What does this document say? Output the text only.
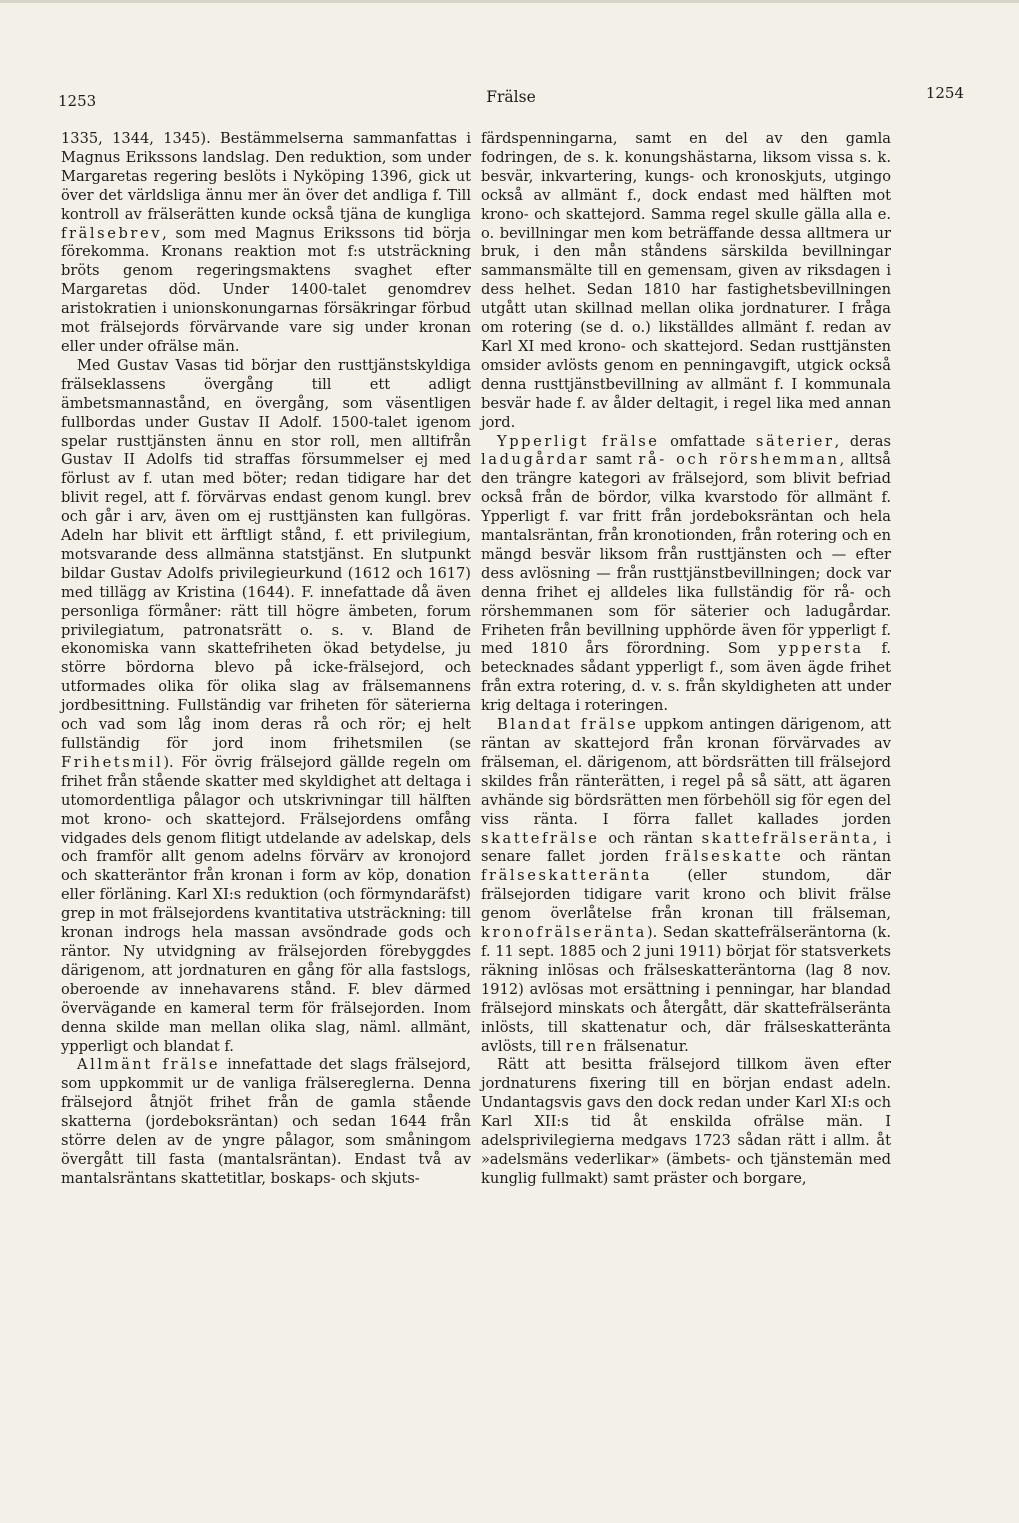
1253	Frälse	1254

1335, 1344, 1345). Bestämmelserna sammanfattas i Magnus Erikssons landslag. Den reduktion, som under Margaretas regering beslöts i Nyköping 1396, gick ut över det världsliga ännu mer än över det andliga f. Till kontroll av frälserätten kunde också tjäna de kungliga frälsebrev, som med Magnus Erikssons tid börja förekomma. Kronans reaktion mot f:s utsträckning bröts genom regeringsmaktens svaghet efter Margaretas död. Under 1400-talet genomdrev aristokratien i unionskonungarnas försäkringar förbud mot frälsejords förvärvande vare sig under kronan eller under ofrälse män.

Med Gustav Vasas tid börjar den rusttjänstskyldiga frälseklassens övergång till ett adligt ämbetsmannastånd, en övergång, som väsentligen fullbordas under Gustav II Adolf. 1500-talet igenom spelar rusttjänsten ännu en stor roll, men alltifrån Gustav II Adolfs tid straffas försummelser ej med förlust av f. utan med böter; redan tidigare har det blivit regel, att f. förvärvas endast genom kungl. brev och går i arv, även om ej rusttjänsten kan fullgöras. Adeln har blivit ett ärftligt stånd, f. ett privilegium, motsvarande dess allmänna statstjänst. En slutpunkt bildar Gustav Adolfs privilegieurkund (1612 och 1617) med tillägg av Kristina (1644). F. innefattade då även personliga förmåner: rätt till högre ämbeten, forum privilegiatum, patronatsrätt o. s. v. Bland de ekonomiska vann skattefriheten ökad betydelse, ju större bördorna blevo på icke-frälsejord, och utformades olika för olika slag av frälsemannens jordbesittning. Fullständig var friheten för säterierna och vad som låg inom deras rå och rör; ej helt fullständig för jord inom frihetsmilen (se Frihetsmil). För övrig frälsejord gällde regeln om frihet från stående skatter med skyldighet att deltaga i utomordentliga pålagor och utskrivningar till hälften mot krono- och skattejord. Frälsejordens omfång vidgades dels genom flitigt utdelande av adelskap, dels och framför allt genom adelns förvärv av kronojord och skatteräntor från kronan i form av köp, donation eller förläning. Karl XI:s reduktion (och förmyndaräfst) grep in mot frälsejordens kvantitativa utsträckning: till kronan indrogs hela massan avsöndrade gods och räntor. Ny utvidgning av frälsejorden förebyggdes därigenom, att jordnaturen en gång för alla fastslogs, oberoende av innehavarens stånd. F. blev därmed övervägande en kameral term för frälsejorden. Inom denna skilde man mellan olika slag, näml. allmänt, ypperligt och blandat f.

Allmänt frälse innefattade det slags frälsejord, som uppkommit ur de vanliga frälsereglerna. Denna frälsejord åtnjöt frihet från de gamla stående skatterna (jordeboksräntan) och sedan 1644 från större delen av de yngre pålagor, som småningom övergått till fasta (mantalsräntan). Endast två av mantalsräntans skattetitlar, boskaps- och skjuts-

färdspenningarna, samt en del av den gamla fodringen, de s. k. konungshästarna, liksom vissa s. k. besvär, inkvartering, kungs- och kronoskjuts, utgingo också av allmänt f., dock endast med hälften mot krono- och skattejord. Samma regel skulle gälla alla e. o. bevillningar men kom beträffande dessa alltmera ur bruk, i den mån ståndens särskilda bevillningar sammansmälte till en gemensam, given av riksdagen i dess helhet. Sedan 1810 har fastighetsbevillningen utgått utan skillnad mellan olika jordnaturer. I fråga om rotering (se d. o.) likställdes allmänt f. redan av Karl XI med krono- och skattejord. Sedan rusttjänsten omsider avlösts genom en penningavgift, utgick också denna rusttjänstbevillning av allmänt f. I kommunala besvär hade f. av ålder deltagit, i regel lika med annan jord.

Ypperligt frälse omfattade säterier, deras ladugårdar samt rå- och rörshemman, alltså den trängre kategori av frälsejord, som blivit befriad också från de bördor, vilka kvarstodo för allmänt f. Ypperligt f. var fritt från jordeboksräntan och hela mantalsräntan, från kronotionden, från rotering och en mängd besvär liksom från rusttjänsten och — efter dess avlösning — från rusttjänstbevillningen; dock var denna frihet ej alldeles lika fullständig för rå- och rörshemmanen som för säterier och ladugårdar. Friheten från bevillning upphörde även för ypperligt f. med 1810 års förordning. Som yppersta f. betecknades sådant ypperligt f., som även ägde frihet från extra rotering, d. v. s. från skyldigheten att under krig deltaga i roteringen.

Blandat frälse uppkom antingen därigenom, att räntan av skattejord från kronan förvärvades av frälseman, el. därigenom, att bördsrätten till frälsejord skildes från ränterätten, i regel på så sätt, att ägaren avhände sig bördsrätten men förbehöll sig för egen del viss ränta. I förra fallet kallades jorden skattefrälse och räntan skattefrälseränta, i senare fallet jorden frälseskatte och räntan frälseskatteränta (eller stundom, där frälsejorden tidigare varit krono och blivit frälse genom överlåtelse från kronan till frälseman, kronofrälseränta). Sedan skattefrälseräntorna (k. f. 11 sept. 1885 och 2 juni 1911) börjat för statsverkets räkning inlösas och frälseskatteräntorna (lag 8 nov. 1912) avlösas mot ersättning i penningar, har blandad frälsejord minskats och återgått, där skattefrälseränta inlösts, till skattenatur och, där frälseskatteränta avlösts, till ren frälsenatur.

Rätt att besitta frälsejord tillkom även efter jordnaturens fixering till en början endast adeln. Undantagsvis gavs den dock redan under Karl XI:s och Karl XII:s tid åt enskilda ofrälse män. I adelsprivilegierna medgavs 1723 sådan rätt i allm. åt »adelsmäns vederlikar» (ämbets- och tjänstemän med kunglig fullmakt) samt präster och borgare,
